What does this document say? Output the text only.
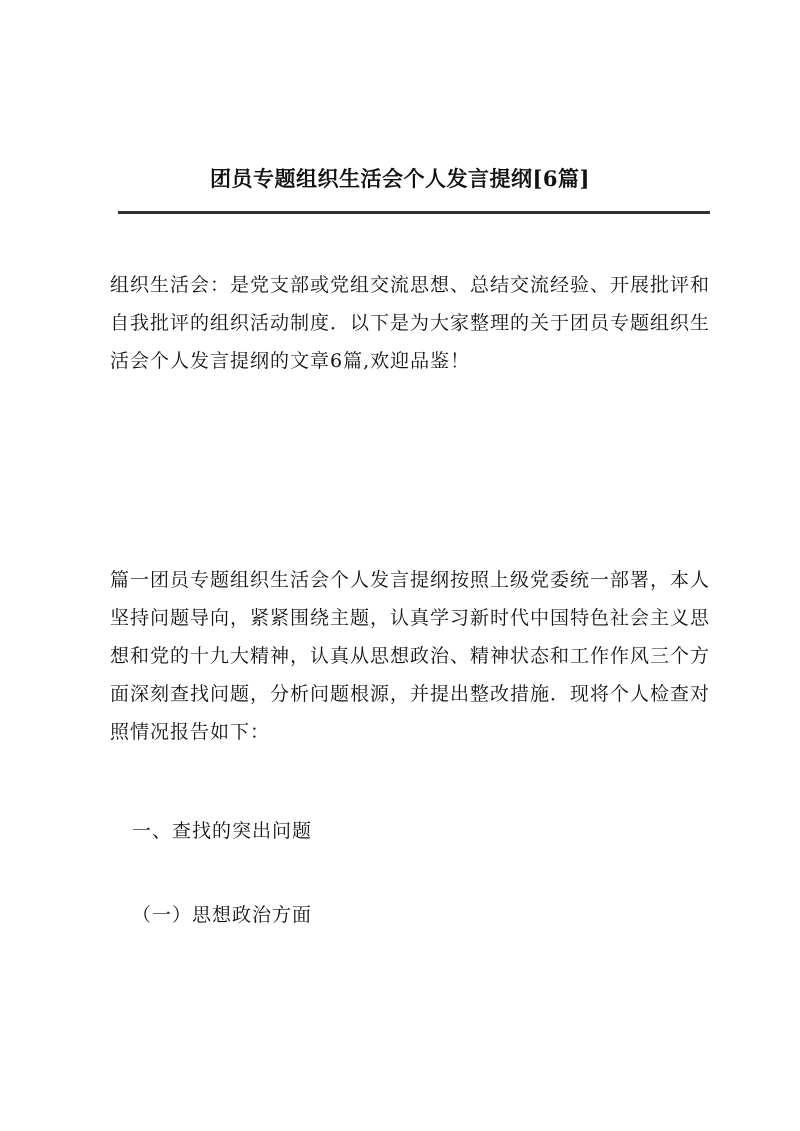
团员专题组织生活会个人发言提纲[6篇]

组织生活会：是党支部或党组交流思想、总结交流经验、开展批评和自我批评的组织活动制度．以下是为大家整理的关于团员专题组织生活会个人发言提纲的文章6篇,欢迎品鉴！

篇一团员专题组织生活会个人发言提纲按照上级党委统一部署，本人坚持问题导向，紧紧围绕主题，认真学习新时代中国特色社会主义思想和党的十九大精神，认真从思想政治、精神状态和工作作风三个方面深刻查找问题，分析问题根源，并提出整改措施．现将个人检查对照情况报告如下：

一、查找的突出问题

（一）思想政治方面
